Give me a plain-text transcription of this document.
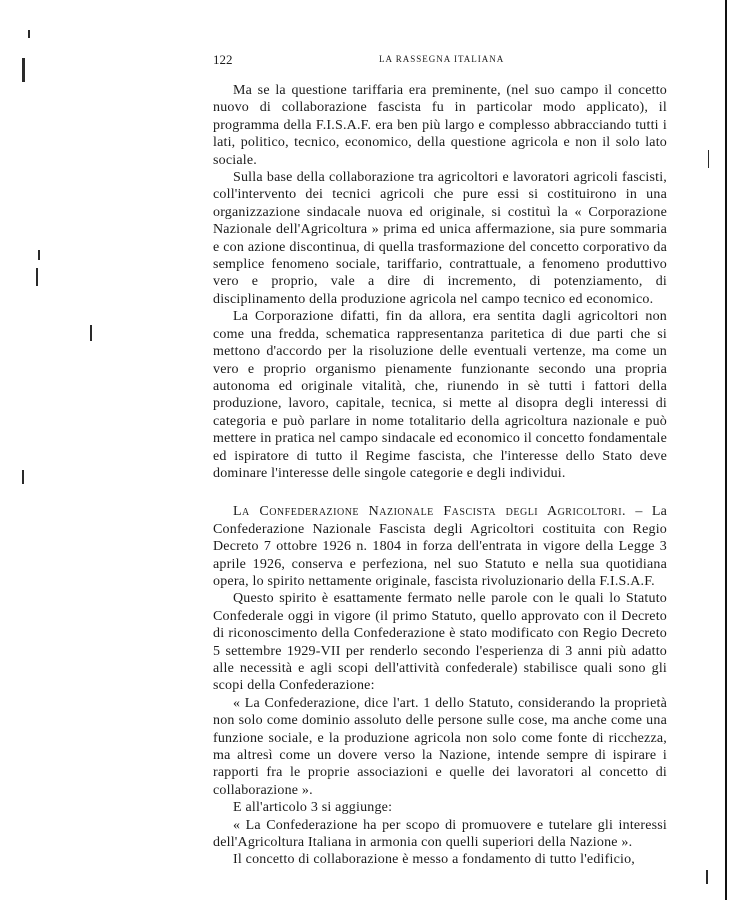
122	LA RASSEGNA ITALIANA

Ma se la questione tariffaria era preminente, (nel suo campo il concetto nuovo di collaborazione fascista fu in particolar modo applicato), il programma della F.I.S.A.F. era ben più largo e complesso abbracciando tutti i lati, politico, tecnico, economico, della questione agricola e non il solo lato sociale.

Sulla base della collaborazione tra agricoltori e lavoratori agricoli fascisti, coll'intervento dei tecnici agricoli che pure essi si costituirono in una organizzazione sindacale nuova ed originale, si costituì la « Corporazione Nazionale dell'Agricoltura » prima ed unica affermazione, sia pure sommaria e con azione discontinua, di quella trasformazione del concetto corporativo da semplice fenomeno sociale, tariffario, contrattuale, a fenomeno produttivo vero e proprio, vale a dire di incremento, di potenziamento, di disciplinamento della produzione agricola nel campo tecnico ed economico.

La Corporazione difatti, fin da allora, era sentita dagli agricoltori non come una fredda, schematica rappresentanza paritetica di due parti che si mettono d'accordo per la risoluzione delle eventuali vertenze, ma come un vero e proprio organismo pienamente funzionante secondo una propria autonoma ed originale vitalità, che, riunendo in sè tutti i fattori della produzione, lavoro, capitale, tecnica, si mette al disopra degli interessi di categoria e può parlare in nome totalitario della agricoltura nazionale e può mettere in pratica nel campo sindacale ed economico il concetto fondamentale ed ispiratore di tutto il Regime fascista, che l'interesse dello Stato deve dominare l'interesse delle singole categorie e degli individui.

La Confederazione Nazionale Fascista degli Agricoltori. – La Confederazione Nazionale Fascista degli Agricoltori costituita con Regio Decreto 7 ottobre 1926 n. 1804 in forza dell'entrata in vigore della Legge 3 aprile 1926, conserva e perfeziona, nel suo Statuto e nella sua quotidiana opera, lo spirito nettamente originale, fascista rivoluzionario della F.I.S.A.F.

Questo spirito è esattamente fermato nelle parole con le quali lo Statuto Confederale oggi in vigore (il primo Statuto, quello approvato con il Decreto di riconoscimento della Confederazione è stato modificato con Regio Decreto 5 settembre 1929-VII per renderlo secondo l'esperienza di 3 anni più adatto alle necessità e agli scopi dell'attività confederale) stabilisce quali sono gli scopi della Confederazione:

« La Confederazione, dice l'art. 1 dello Statuto, considerando la proprietà non solo come dominio assoluto delle persone sulle cose, ma anche come una funzione sociale, e la produzione agricola non solo come fonte di ricchezza, ma altresì come un dovere verso la Nazione, intende sempre di ispirare i rapporti fra le proprie associazioni e quelle dei lavoratori al concetto di collaborazione ».

E all'articolo 3 si aggiunge:

« La Confederazione ha per scopo di promuovere e tutelare gli interessi dell'Agricoltura Italiana in armonia con quelli superiori della Nazione ».

Il concetto di collaborazione è messo a fondamento di tutto l'edificio,
